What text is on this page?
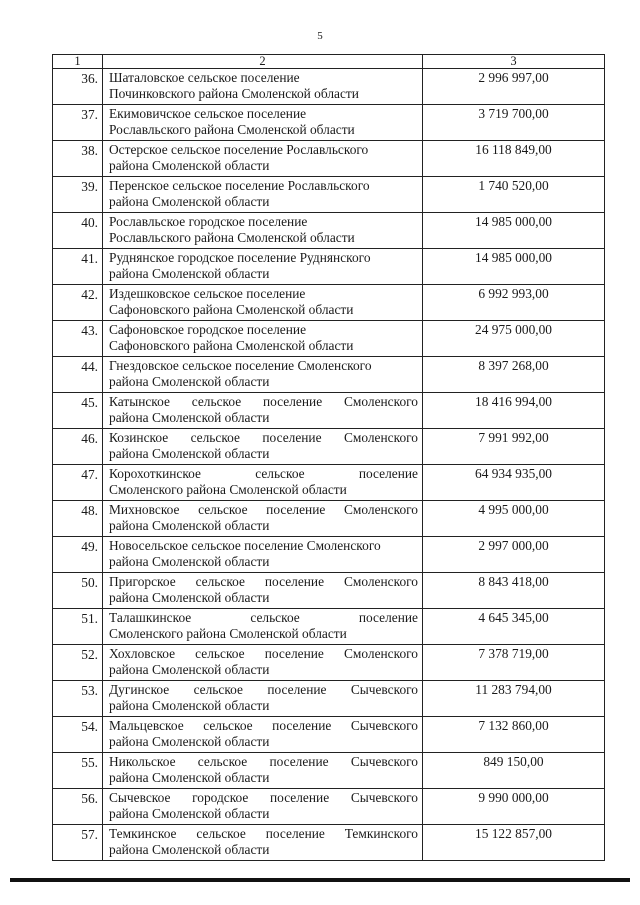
5
1	2	3
36.	Шаталовское сельское поселение
Починковского района Смоленской области	2 996 997,00
37.	Екимовичское сельское поселение
Рославльского района Смоленской области	3 719 700,00
38.	Остерское сельское поселение Рославльского
района Смоленской области	16 118 849,00
39.	Перенское сельское поселение Рославльского
района Смоленской области	1 740 520,00
40.	Рославльское городское поселение
Рославльского района Смоленской области	14 985 000,00
41.	Руднянское городское поселение Руднянского
района Смоленской области	14 985 000,00
42.	Издешковское сельское поселение
Сафоновского района Смоленской области	6 992 993,00
43.	Сафоновское городское поселение
Сафоновского района Смоленской области	24 975 000,00
44.	Гнездовское сельское поселение Смоленского
района Смоленской области	8 397 268,00
45.	Катынское сельское поселение Смоленского
района Смоленской области	18 416 994,00
46.	Козинское сельское поселение Смоленского
района Смоленской области	7 991 992,00
47.	Корохоткинское сельское поселение
Смоленского района Смоленской области	64 934 935,00
48.	Михновское сельское поселение Смоленского
района Смоленской области	4 995 000,00
49.	Новосельское сельское поселение Смоленского
района Смоленской области	2 997 000,00
50.	Пригорское сельское поселение Смоленского
района Смоленской области	8 843 418,00
51.	Талашкинское сельское поселение
Смоленского района Смоленской области	4 645 345,00
52.	Хохловское сельское поселение Смоленского
района Смоленской области	7 378 719,00
53.	Дугинское сельское поселение Сычевского
района Смоленской области	11 283 794,00
54.	Мальцевское сельское поселение Сычевского
района Смоленской области	7 132 860,00
55.	Никольское сельское поселение Сычевского
района Смоленской области	849 150,00
56.	Сычевское городское поселение Сычевского
района Смоленской области	9 990 000,00
57.	Темкинское сельское поселение Темкинского
района Смоленской области	15 122 857,00
